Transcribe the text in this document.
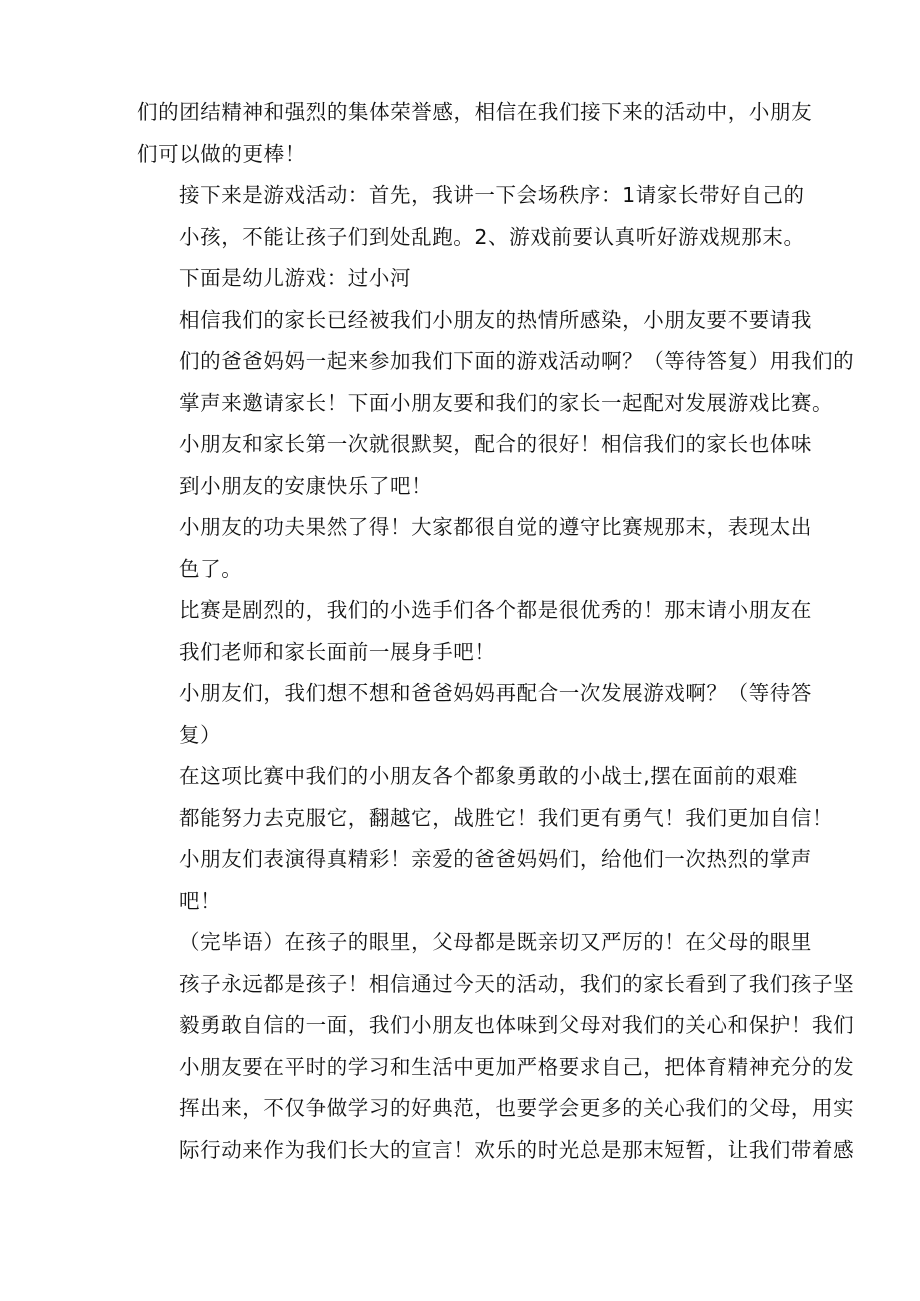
们的团结精神和强烈的集体荣誉感，相信在我们接下来的活动中，小朋友
们可以做的更棒！

接下来是游戏活动：首先，我讲一下会场秩序：1请家长带好自己的
小孩，不能让孩子们到处乱跑。2、游戏前要认真听好游戏规那末。

下面是幼儿游戏：过小河

相信我们的家长已经被我们小朋友的热情所感染，小朋友要不要请我
们的爸爸妈妈一起来参加我们下面的游戏活动啊？（等待答复）用我们的
掌声来邀请家长！下面小朋友要和我们的家长一起配对发展游戏比赛。

小朋友和家长第一次就很默契，配合的很好！相信我们的家长也体味
到小朋友的安康快乐了吧！

小朋友的功夫果然了得！大家都很自觉的遵守比赛规那末，表现太出
色了。

比赛是剧烈的，我们的小选手们各个都是很优秀的！那末请小朋友在
我们老师和家长面前一展身手吧！

小朋友们，我们想不想和爸爸妈妈再配合一次发展游戏啊？（等待答
复）

在这项比赛中我们的小朋友各个都象勇敢的小战士,摆在面前的艰难
都能努力去克服它，翻越它，战胜它！我们更有勇气！我们更加自信！

小朋友们表演得真精彩！亲爱的爸爸妈妈们，给他们一次热烈的掌声
吧！

（完毕语）在孩子的眼里，父母都是既亲切又严厉的！在父母的眼里
孩子永远都是孩子！相信通过今天的活动，我们的家长看到了我们孩子坚
毅勇敢自信的一面，我们小朋友也体味到父母对我们的关心和保护！我们
小朋友要在平时的学习和生活中更加严格要求自己，把体育精神充分的发
挥出来，不仅争做学习的好典范，也要学会更多的关心我们的父母，用实
际行动来作为我们长大的宣言！欢乐的时光总是那末短暂，让我们带着感
